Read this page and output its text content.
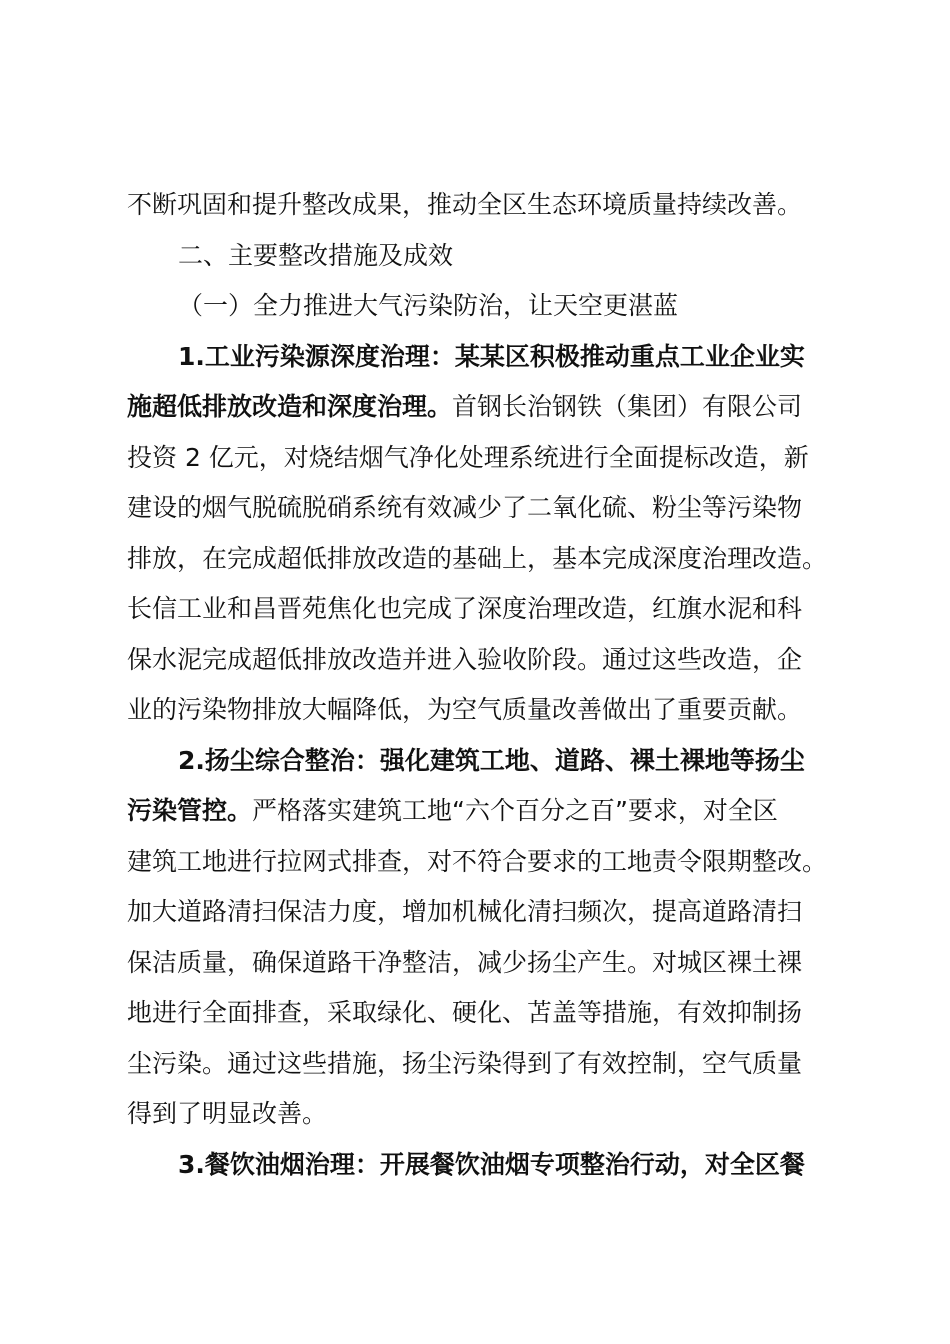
不断巩固和提升整改成果，推动全区生态环境质量持续改善。
二、主要整改措施及成效
（一）全力推进大气污染防治，让天空更湛蓝
1.工业污染源深度治理：某某区积极推动重点工业企业实
施超低排放改造和深度治理。首钢长治钢铁（集团）有限公司
投资 2 亿元，对烧结烟气净化处理系统进行全面提标改造，新
建设的烟气脱硫脱硝系统有效减少了二氧化硫、粉尘等污染物
排放，在完成超低排放改造的基础上，基本完成深度治理改造。
长信工业和昌晋苑焦化也完成了深度治理改造，红旗水泥和科
保水泥完成超低排放改造并进入验收阶段。通过这些改造，企
业的污染物排放大幅降低，为空气质量改善做出了重要贡献。
2.扬尘综合整治：强化建筑工地、道路、裸土裸地等扬尘
污染管控。严格落实建筑工地“六个百分之百”要求，对全区
建筑工地进行拉网式排查，对不符合要求的工地责令限期整改。
加大道路清扫保洁力度，增加机械化清扫频次，提高道路清扫
保洁质量，确保道路干净整洁，减少扬尘产生。对城区裸土裸
地进行全面排查，采取绿化、硬化、苫盖等措施，有效抑制扬
尘污染。通过这些措施，扬尘污染得到了有效控制，空气质量
得到了明显改善。
3.餐饮油烟治理：开展餐饮油烟专项整治行动，对全区餐
